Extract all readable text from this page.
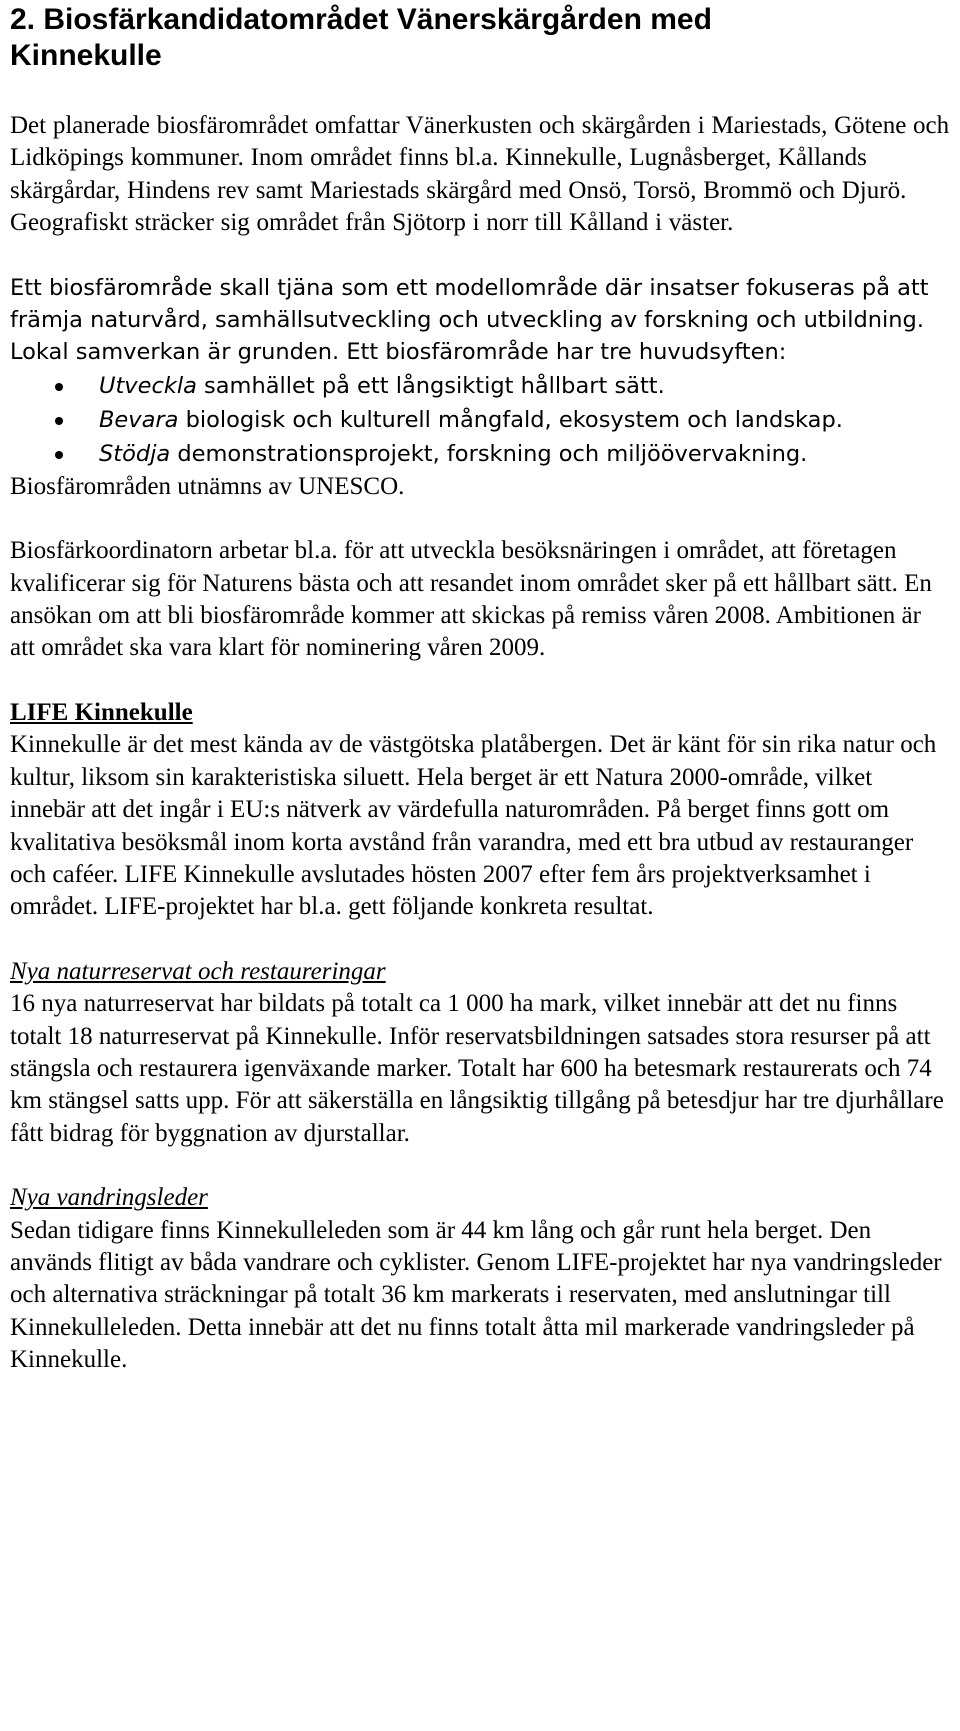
2. Biosfärkandidatområdet Vänerskärgården med Kinnekulle

Det planerade biosfärområdet omfattar Vänerkusten och skärgården i Mariestads, Götene och Lidköpings kommuner. Inom området finns bl.a. Kinnekulle, Lugnåsberget, Kållands skärgårdar, Hindens rev samt Mariestads skärgård med Onsö, Torsö, Brommö och Djurö. Geografiskt sträcker sig området från Sjötorp i norr till Kålland i väster.

Ett biosfärområde skall tjäna som ett modellområde där insatser fokuseras på att främja naturvård, samhällsutveckling och utveckling av forskning och utbildning. Lokal samverkan är grunden. Ett biosfärområde har tre huvudsyften:

Utveckla samhället på ett långsiktigt hållbart sätt.
Bevara biologisk och kulturell mångfald, ekosystem och landskap.
Stödja demonstrationsprojekt, forskning och miljöövervakning.

Biosfärområden utnämns av UNESCO.

Biosfärkoordinatorn arbetar bl.a. för att utveckla besöksnäringen i området, att företagen kvalificerar sig för Naturens bästa och att resandet inom området sker på ett hållbart sätt. En ansökan om att bli biosfärområde kommer att skickas på remiss våren 2008. Ambitionen är att området ska vara klart för nominering våren 2009.

LIFE Kinnekulle

Kinnekulle är det mest kända av de västgötska platåbergen. Det är känt för sin rika natur och kultur, liksom sin karakteristiska siluett. Hela berget är ett Natura 2000-område, vilket innebär att det ingår i EU:s nätverk av värdefulla naturområden. På berget finns gott om kvalitativa besöksmål inom korta avstånd från varandra, med ett bra utbud av restauranger och caféer. LIFE Kinnekulle avslutades hösten 2007 efter fem års projektverksamhet i området. LIFE-projektet har bl.a. gett följande konkreta resultat.

Nya naturreservat och restaureringar

16 nya naturreservat har bildats på totalt ca 1 000 ha mark, vilket innebär att det nu finns totalt 18 naturreservat på Kinnekulle. Inför reservatsbildningen satsades stora resurser på att stängsla och restaurera igenväxande marker. Totalt har 600 ha betesmark restaurerats och 74 km stängsel satts upp. För att säkerställa en långsiktig tillgång på betesdjur har tre djurhållare fått bidrag för byggnation av djurstallar.

Nya vandringsleder

Sedan tidigare finns Kinnekulleleden som är 44 km lång och går runt hela berget. Den används flitigt av båda vandrare och cyklister. Genom LIFE-projektet har nya vandringsleder och alternativa sträckningar på totalt 36 km markerats i reservaten, med anslutningar till Kinnekulleleden. Detta innebär att det nu finns totalt åtta mil markerade vandringsleder på Kinnekulle.
